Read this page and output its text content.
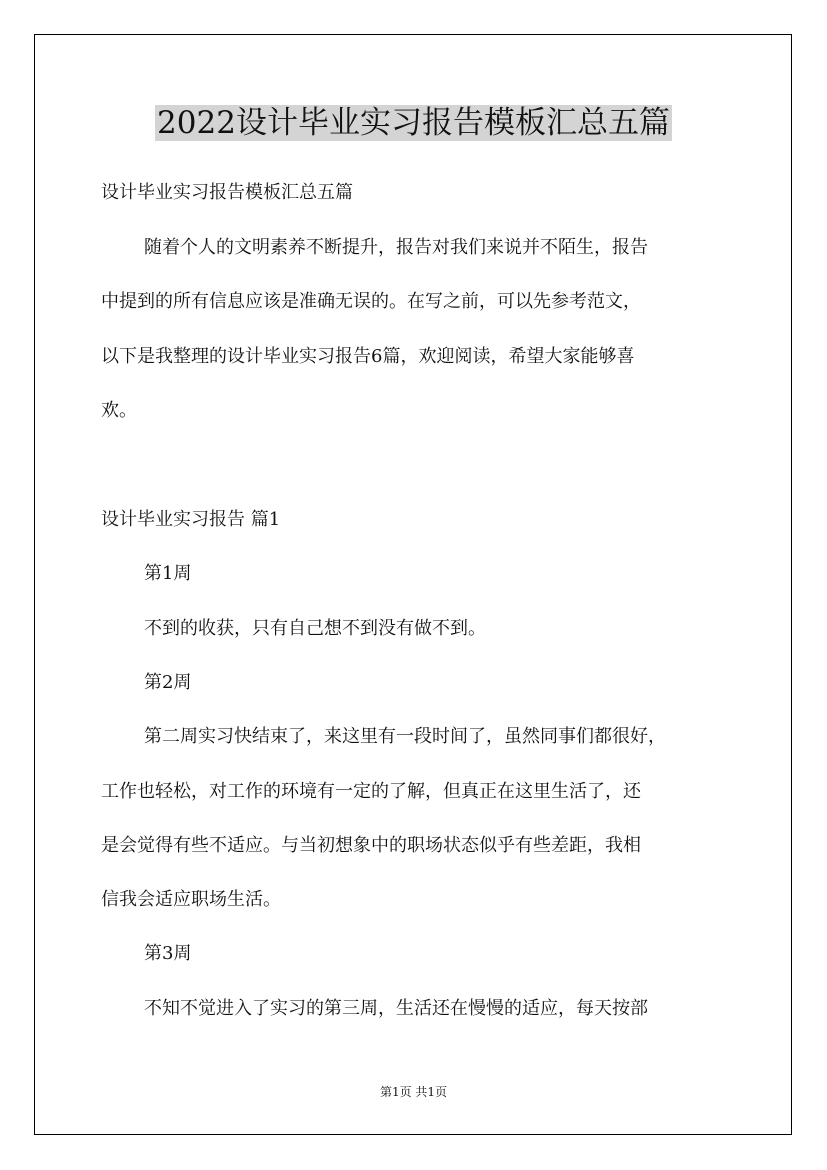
2022设计毕业实习报告模板汇总五篇

设计毕业实习报告模板汇总五篇

随着个人的文明素养不断提升，报告对我们来说并不陌生，报告

中提到的所有信息应该是准确无误的。在写之前，可以先参考范文，

以下是我整理的设计毕业实习报告6篇，欢迎阅读，希望大家能够喜

欢。

设计毕业实习报告 篇1

第1周

不到的收获，只有自己想不到没有做不到。

第2周

第二周实习快结束了，来这里有一段时间了，虽然同事们都很好，

工作也轻松，对工作的环境有一定的了解，但真正在这里生活了，还

是会觉得有些不适应。与当初想象中的职场状态似乎有些差距，我相

信我会适应职场生活。

第3周

不知不觉进入了实习的第三周，生活还在慢慢的适应，每天按部

第1页 共1页
